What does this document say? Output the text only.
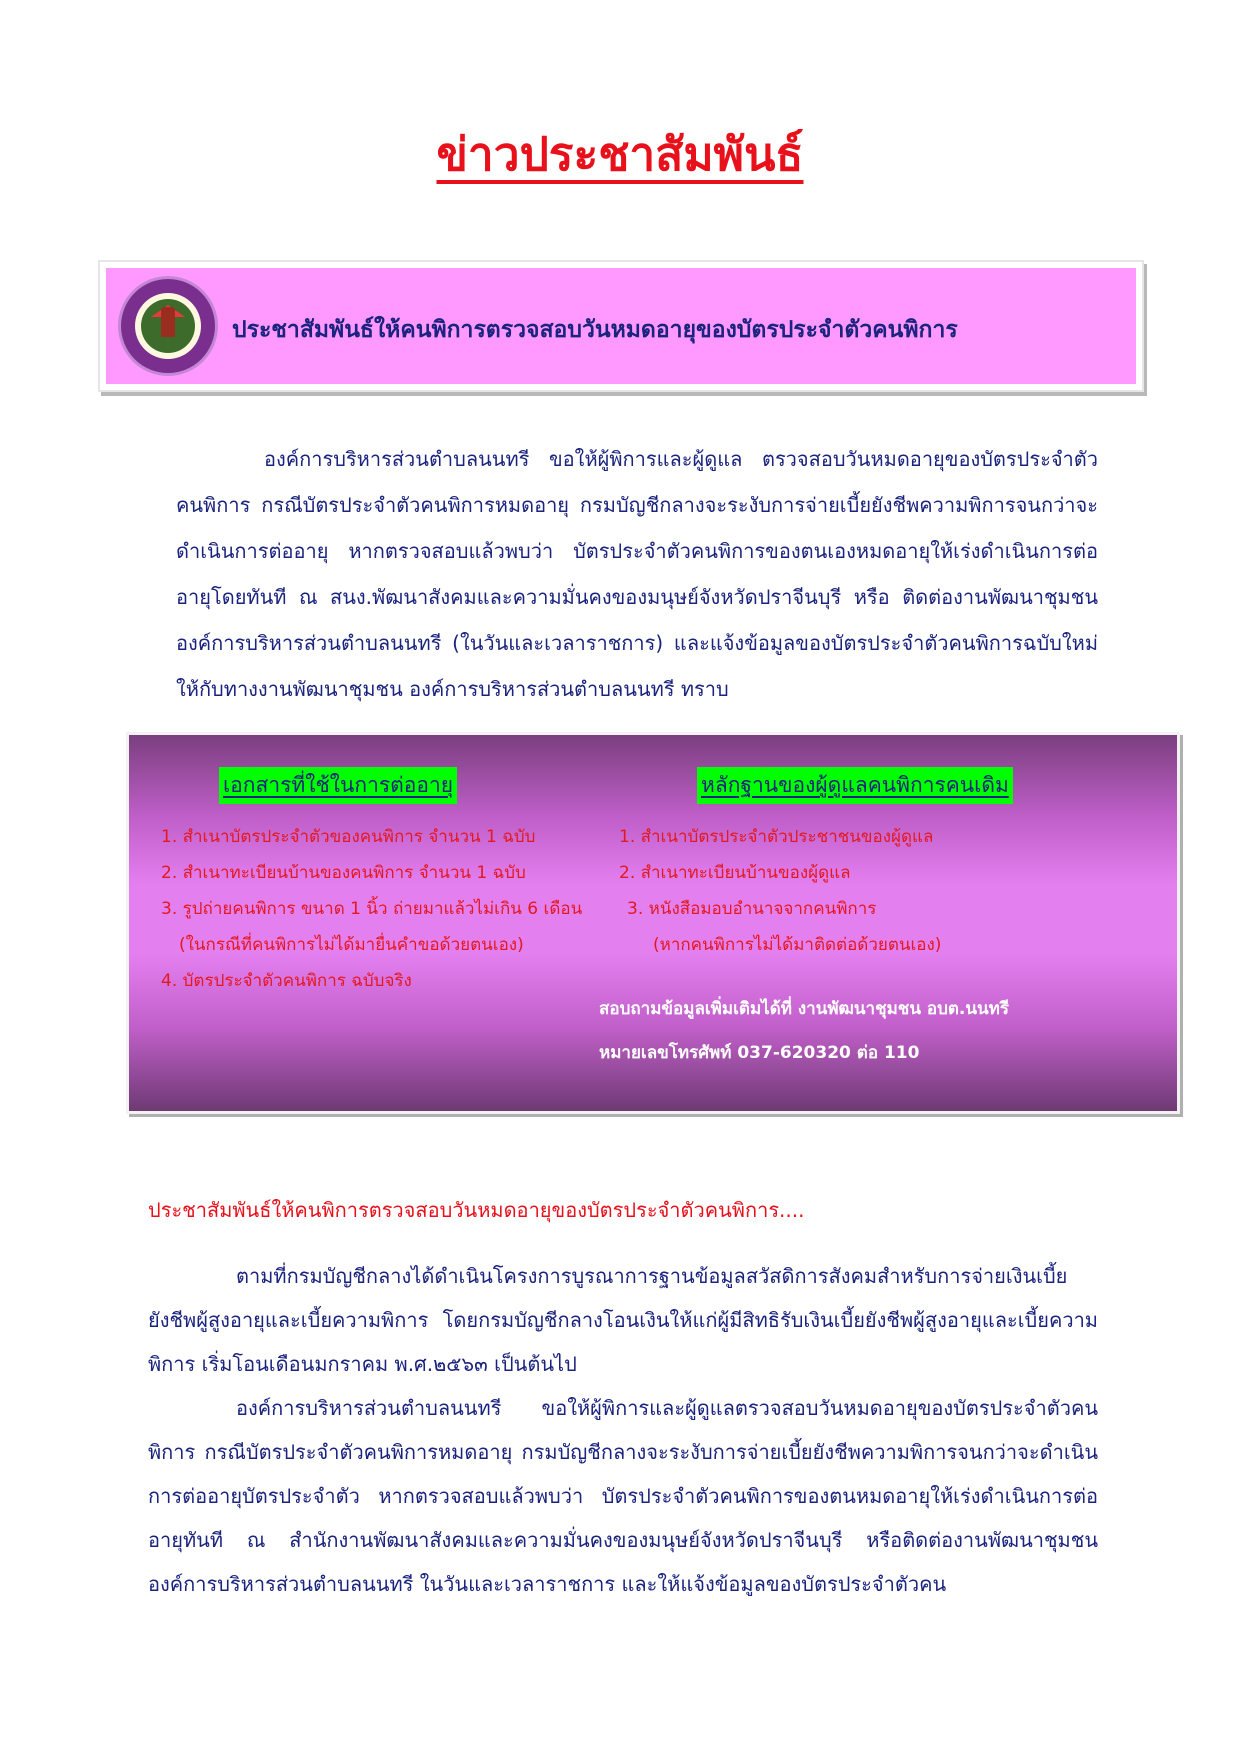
ข่าวประชาสัมพันธ์
ประชาสัมพันธ์ให้คนพิการตรวจสอบวันหมดอายุของบัตรประจำตัวคนพิการ

องค์การบริหารส่วนตำบลนนทรี ขอให้ผู้พิการและผู้ดูแล ตรวจสอบวันหมดอายุของบัตรประจำตัวคนพิการ กรณีบัตรประจำตัวคนพิการหมดอายุ กรมบัญชีกลางจะระงับการจ่ายเบี้ยยังชีพความพิการจนกว่าจะดำเนินการต่ออายุ หากตรวจสอบแล้วพบว่า บัตรประจำตัวคนพิการของตนเองหมดอายุให้เร่งดำเนินการต่ออายุโดยทันที ณ สนง.พัฒนาสังคมและความมั่นคงของมนุษย์จังหวัดปราจีนบุรี หรือ ติดต่องานพัฒนาชุมชน องค์การบริหารส่วนตำบลนนทรี (ในวันและเวลาราชการ) และแจ้งข้อมูลของบัตรประจำตัวคนพิการฉบับใหม่ให้กับทางงานพัฒนาชุมชน องค์การบริหารส่วนตำบลนนทรี ทราบ

เอกสารที่ใช้ในการต่ออายุ	หลักฐานของผู้ดูแลคนพิการคนเดิม
1. สำเนาบัตรประจำตัวของคนพิการ จำนวน 1 ฉบับ
2. สำเนาทะเบียนบ้านของคนพิการ จำนวน 1 ฉบับ
3. รูปถ่ายคนพิการ ขนาด 1 นิ้ว ถ่ายมาแล้วไม่เกิน 6 เดือน
(ในกรณีที่คนพิการไม่ได้มายื่นคำขอด้วยตนเอง)
4. บัตรประจำตัวคนพิการ ฉบับจริง
1. สำเนาบัตรประจำตัวประชาชนของผู้ดูแล
2. สำเนาทะเบียนบ้านของผู้ดูแล
3. หนังสือมอบอำนาจจากคนพิการ
(หากคนพิการไม่ได้มาติดต่อด้วยตนเอง)
สอบถามข้อมูลเพิ่มเติมได้ที่ งานพัฒนาชุมชน อบต.นนทรี
หมายเลขโทรศัพท์ 037-620320 ต่อ 110
ประชาสัมพันธ์ให้คนพิการตรวจสอบวันหมดอายุของบัตรประจำตัวคนพิการ....

ตามที่กรมบัญชีกลางได้ดำเนินโครงการบูรณาการฐานข้อมูลสวัสดิการสังคมสำหรับการจ่ายเงินเบี้ยยังชีพผู้สูงอายุและเบี้ยความพิการ โดยกรมบัญชีกลางโอนเงินให้แก่ผู้มีสิทธิรับเงินเบี้ยยังชีพผู้สูงอายุและเบี้ยความพิการ เริ่มโอนเดือนมกราคม พ.ศ.๒๕๖๓ เป็นต้นไป

องค์การบริหารส่วนตำบลนนทรี ขอให้ผู้พิการและผู้ดูแลตรวจสอบวันหมดอายุของบัตรประจำตัวคนพิการ กรณีบัตรประจำตัวคนพิการหมดอายุ กรมบัญชีกลางจะระงับการจ่ายเบี้ยยังชีพความพิการจนกว่าจะดำเนินการต่ออายุบัตรประจำตัว หากตรวจสอบแล้วพบว่า บัตรประจำตัวคนพิการของตนหมดอายุให้เร่งดำเนินการต่ออายุทันที ณ สำนักงานพัฒนาสังคมและความมั่นคงของมนุษย์จังหวัดปราจีนบุรี หรือติดต่องานพัฒนาชุมชน องค์การบริหารส่วนตำบลนนทรี ในวันและเวลาราชการ และให้แจ้งข้อมูลของบัตรประจำตัวคน
